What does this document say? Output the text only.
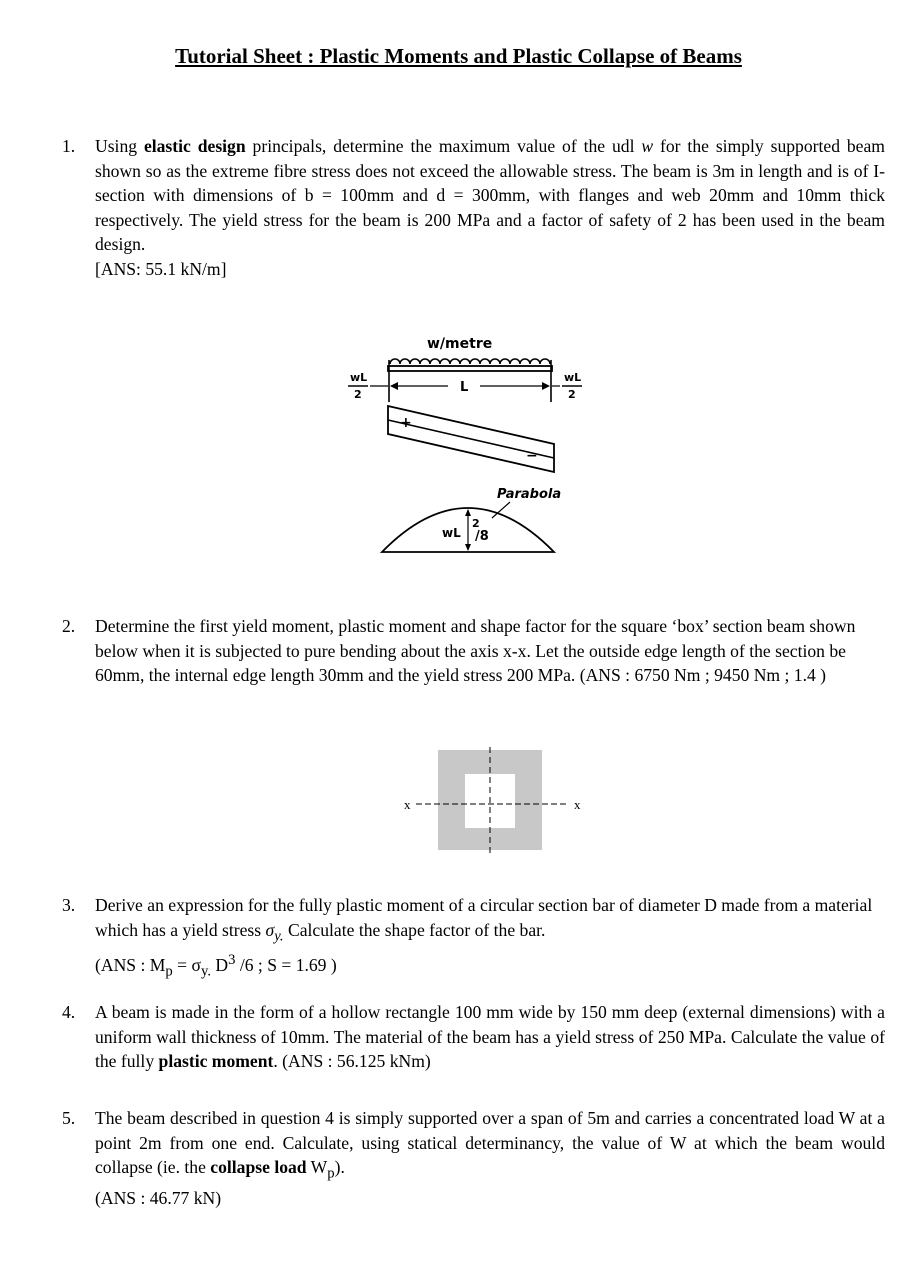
Tutorial Sheet : Plastic Moments and Plastic Collapse of Beams
1. Using elastic design principals, determine the maximum value of the udl w for the simply supported beam shown so as the extreme fibre stress does not exceed the allowable stress. The beam is 3m in length and is of I-section with dimensions of b = 100mm and d = 300mm, with flanges and web 20mm and 10mm thick respectively. The yield stress for the beam is 200 MPa and a factor of safety of 2 has been used in the beam design.
[ANS: 55.1 kN/m]
w/metre
wL
2
wL
2
L
+
−
Parabola
wL
2
/8
2. Determine the first yield moment, plastic moment and shape factor for the square ‘box’ section beam shown below when it is subjected to pure bending about the axis x-x. Let the outside edge length of the section be 60mm, the internal edge length 30mm and the yield stress 200 MPa. (ANS : 6750 Nm ; 9450 Nm ; 1.4 )
x	x
3. Derive an expression for the fully plastic moment of a circular section bar of diameter D made from a material which has a yield stress $\sigma_{y.}$ Calculate the shape factor of the bar.
(ANS : $M_p = \sigma_{y.}$ $D^3$ /6 ; S = 1.69 )
4. A beam is made in the form of a hollow rectangle 100 mm wide by 150 mm deep (external dimensions) with a uniform wall thickness of 10mm. The material of the beam has a yield stress of 250 MPa. Calculate the value of the fully plastic moment. (ANS : 56.125 kNm)
5. The beam described in question 4 is simply supported over a span of 5m and carries a concentrated load W at a point 2m from one end. Calculate, using statical determinancy, the value of W at which the beam would collapse (ie. the collapse load $W_p$).
(ANS : 46.77 kN)
